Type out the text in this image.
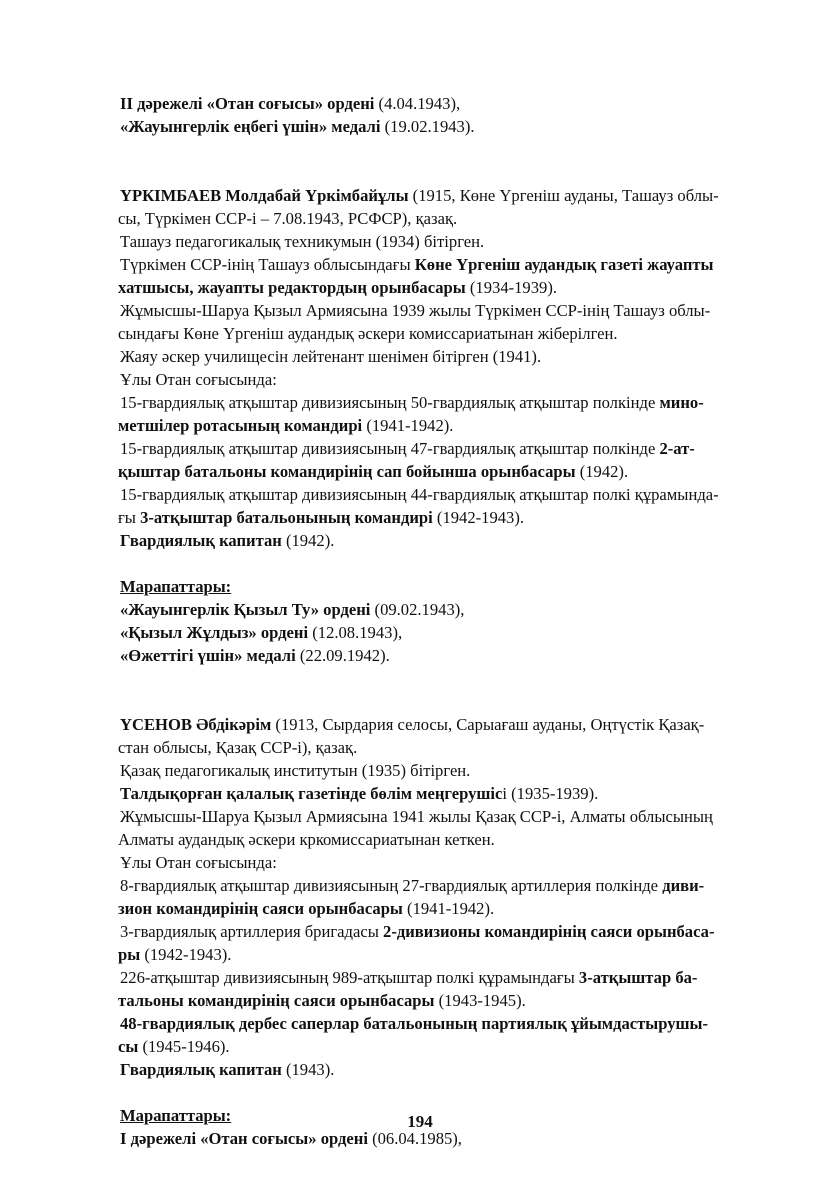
ІІ дәрежелі «Отан соғысы» ордені (4.04.1943),

«Жауынгерлік еңбегі үшін» медалі (19.02.1943).

ҮРКІМБАЕВ Молдабай Үркімбайұлы (1915, Көне Үргеніш ауданы, Ташауз облы-

сы, Түркімен ССР-і – 7.08.1943, РСФСР), қазақ.

Ташауз педагогикалық техникумын (1934) бітірген.

Түркімен ССР-інің Ташауз облысындағы Көне Үргеніш аудандық газеті жауапты

хатшысы, жауапты редактордың орынбасары (1934-1939).

Жұмысшы-Шаруа Қызыл Армиясына 1939 жылы Түркімен ССР-інің Ташауз облы-

сындағы Көне Үргеніш аудандық әскери комиссариатынан жіберілген.

Жаяу әскер училищесін лейтенант шенімен бітірген (1941).

Ұлы Отан соғысында:

15-гвардиялық атқыштар дивизиясының 50-гвардиялық атқыштар полкінде мино-

метшілер ротасының командирі (1941-1942).

15-гвардиялық атқыштар дивизиясының 47-гвардиялық атқыштар полкінде 2-ат-

қыштар батальоны командирінің сап бойынша орынбасары (1942).

15-гвардиялық атқыштар дивизиясының 44-гвардиялық атқыштар полкі құрамында-

ғы 3-атқыштар батальонының командирі (1942-1943).

Гвардиялық капитан (1942).

Марапаттары:

«Жауынгерлік Қызыл Ту» ордені (09.02.1943),

«Қызыл Жұлдыз» ордені (12.08.1943),

«Өжеттігі үшін» медалі (22.09.1942).

ҮСЕНОВ Әбдікәрім (1913, Сырдария селосы, Сарыағаш ауданы, Оңтүстік Қазақ-

стан облысы, Қазақ ССР-і), қазақ.

Қазақ педагогикалық институтын (1935) бітірген.

Талдықорған қалалық газетінде бөлім меңгерушісі (1935-1939).

Жұмысшы-Шаруа Қызыл Армиясына 1941 жылы Қазақ ССР-і, Алматы облысының

Алматы аудандық әскери кркомиссариатынан кеткен.

Ұлы Отан соғысында:

8-гвардиялық атқыштар дивизиясының 27-гвардиялық артиллерия полкінде диви-

зион командирінің саяси орынбасары (1941-1942).

3-гвардиялық артиллерия бригадасы 2-дивизионы командирінің саяси орынбаса-

ры (1942-1943).

226-атқыштар дивизиясының 989-атқыштар полкі құрамындағы 3-атқыштар ба-

тальоны командирінің саяси орынбасары (1943-1945).

48-гвардиялық дербес саперлар батальонының партиялық ұйымдастырушы-

сы (1945-1946).

Гвардиялық капитан (1943).

Марапаттары:

І дәрежелі «Отан соғысы» ордені (06.04.1985),

194
